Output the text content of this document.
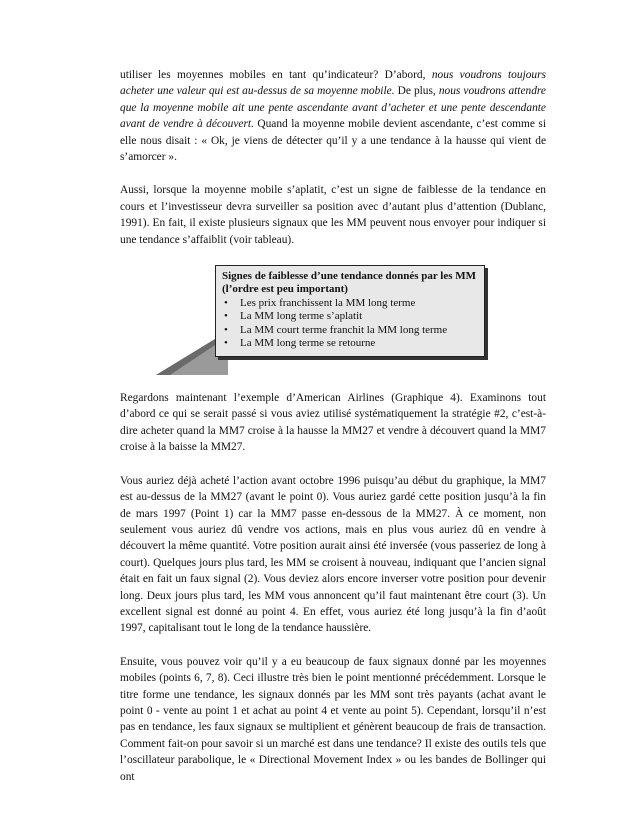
utiliser les moyennes mobiles en tant qu’indicateur? D’abord, nous voudrons toujours acheter une valeur qui est au-dessus de sa moyenne mobile. De plus, nous voudrons attendre que la moyenne mobile ait une pente ascendante avant d’acheter et une pente descendante avant de vendre à découvert. Quand la moyenne mobile devient ascendante, c’est comme si elle nous disait : « Ok, je viens de détecter qu’il y a une tendance à la hausse qui vient de s’amorcer ».

Aussi, lorsque la moyenne mobile s’aplatit, c’est un signe de faiblesse de la tendance en cours et l’investisseur devra surveiller sa position avec d’autant plus d’attention (Dublanc, 1991). En fait, il existe plusieurs signaux que les MM peuvent nous envoyer pour indiquer si une tendance s’affaiblit (voir tableau).

Signes de faiblesse d’une tendance donnés par les MM (l’ordre est peu important)
• Les prix franchissent la MM long terme
• La MM long terme s’aplatit
• La MM court terme franchit la MM long terme
• La MM long terme se retourne

Regardons maintenant l’exemple d’American Airlines (Graphique 4). Examinons tout d’abord ce qui se serait passé si vous aviez utilisé systématiquement la stratégie #2, c’est-à-dire acheter quand la MM7 croise à la hausse la MM27 et vendre à découvert quand la MM7 croise à la baisse la MM27.

Vous auriez déjà acheté l’action avant octobre 1996 puisqu’au début du graphique, la MM7 est au-dessus de la MM27 (avant le point 0). Vous auriez gardé cette position jusqu’à la fin de mars 1997 (Point 1) car la MM7 passe en-dessous de la MM27. À ce moment, non seulement vous auriez dû vendre vos actions, mais en plus vous auriez dû en vendre à découvert la même quantité. Votre position aurait ainsi été inversée (vous passeriez de long à court). Quelques jours plus tard, les MM se croisent à nouveau, indiquant que l’ancien signal était en fait un faux signal (2). Vous deviez alors encore inverser votre position pour devenir long. Deux jours plus tard, les MM vous annoncent qu’il faut maintenant être court (3). Un excellent signal est donné au point 4. En effet, vous auriez été long jusqu’à la fin d’août 1997, capitalisant tout le long de la tendance haussière.

Ensuite, vous pouvez voir qu’il y a eu beaucoup de faux signaux donné par les moyennes mobiles (points 6, 7, 8). Ceci illustre très bien le point mentionné précédemment. Lorsque le titre forme une tendance, les signaux donnés par les MM sont très payants (achat avant le point 0 - vente au point 1 et achat au point 4 et vente au point 5). Cependant, lorsqu’il n’est pas en tendance, les faux signaux se multiplient et génèrent beaucoup de frais de transaction. Comment fait-on pour savoir si un marché est dans une tendance? Il existe des outils tels que l’oscillateur parabolique, le « Directional Movement Index » ou les bandes de Bollinger qui ont
